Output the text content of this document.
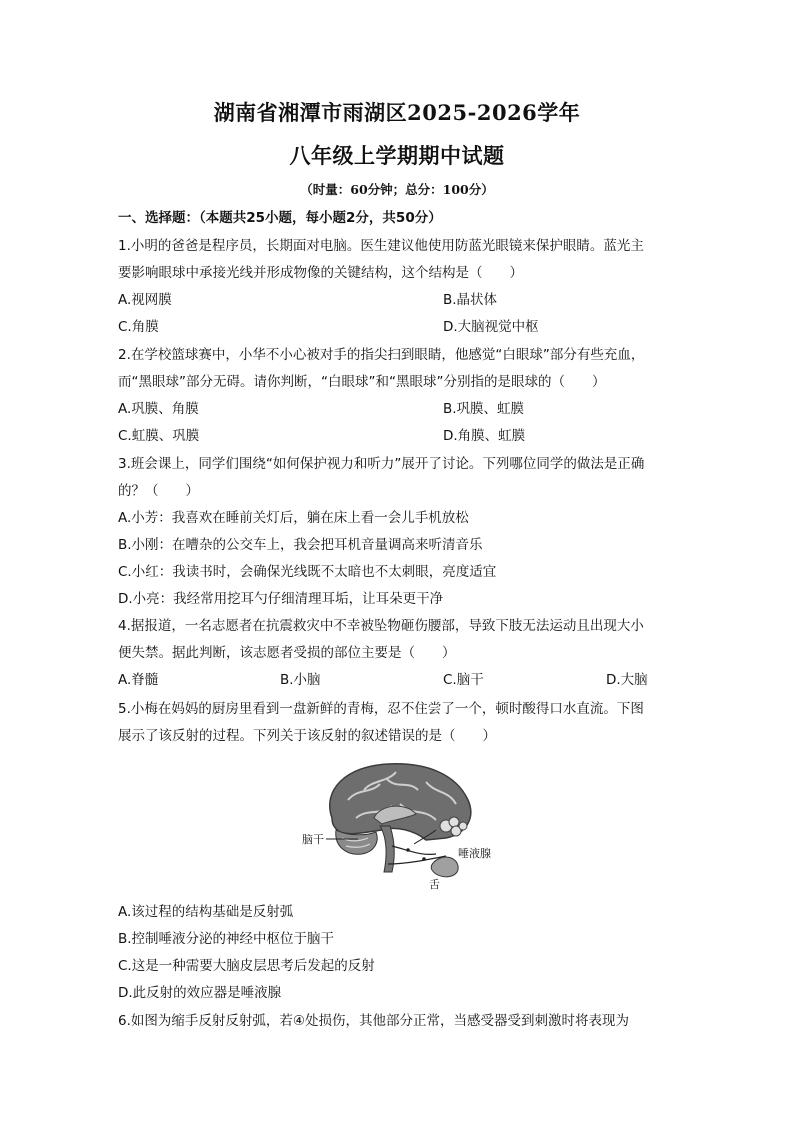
湖南省湘潭市雨湖区2025-2026学年
八年级上学期期中试题
（时量：60分钟；总分：100分）
一、选择题：（本题共25小题，每小题2分，共50分）
1.小明的爸爸是程序员，长期面对电脑。医生建议他使用防蓝光眼镜来保护眼睛。蓝光主
要影响眼球中承接光线并形成物像的关键结构，这个结构是（　　）
A.视网膜	B.晶状体
C.角膜	D.大脑视觉中枢
2.在学校篮球赛中，小华不小心被对手的指尖扫到眼睛，他感觉“白眼球”部分有些充血，
而“黑眼球”部分无碍。请你判断，“白眼球”和“黑眼球”分别指的是眼球的（　　）
A.巩膜、角膜	B.巩膜、虹膜
C.虹膜、巩膜	D.角膜、虹膜
3.班会课上，同学们围绕“如何保护视力和听力”展开了讨论。下列哪位同学的做法是正确
的？（　　）
A.小芳：我喜欢在睡前关灯后，躺在床上看一会儿手机放松
B.小刚：在嘈杂的公交车上，我会把耳机音量调高来听清音乐
C.小红：我读书时，会确保光线既不太暗也不太刺眼，亮度适宜
D.小亮：我经常用挖耳勺仔细清理耳垢，让耳朵更干净
4.据报道，一名志愿者在抗震救灾中不幸被坠物砸伤腰部，导致下肢无法运动且出现大小
便失禁。据此判断，该志愿者受损的部位主要是（　　）
A.脊髓	B.小脑	C.脑干	D.大脑
5.小梅在妈妈的厨房里看到一盘新鲜的青梅，忍不住尝了一个，顿时酸得口水直流。下图
展示了该反射的过程。下列关于该反射的叙述错误的是（　　）
脑干
唾液腺
舌
A.该过程的结构基础是反射弧
B.控制唾液分泌的神经中枢位于脑干
C.这是一种需要大脑皮层思考后发起的反射
D.此反射的效应器是唾液腺
6.如图为缩手反射反射弧，若④处损伤，其他部分正常，当感受器受到刺激时将表现为
